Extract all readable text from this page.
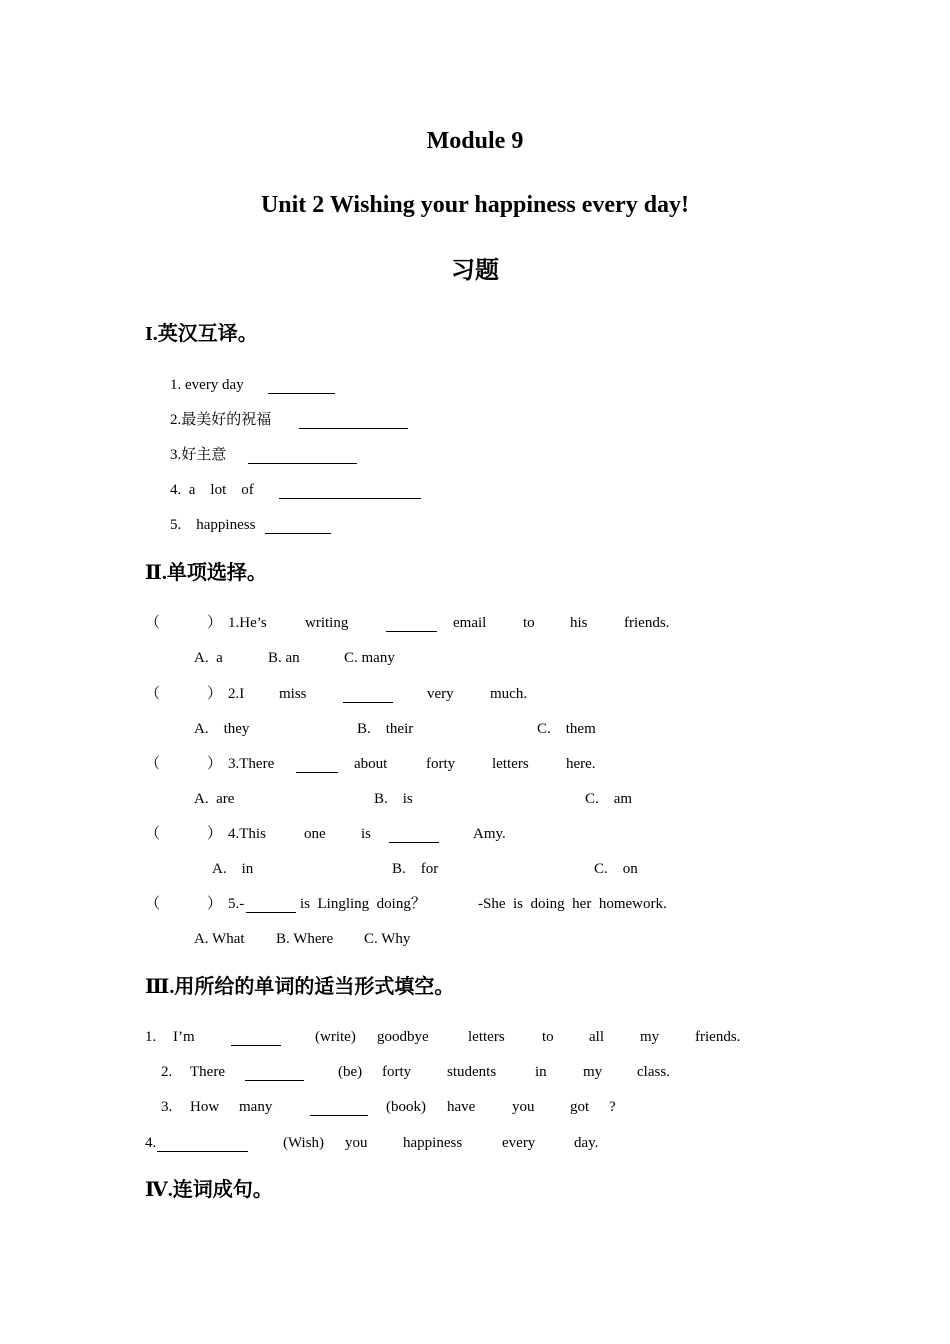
Module 9
Unit 2 Wishing your happiness every day!
习题
I.英汉互译。
1. every day
2.最美好的祝福
3.好主意
4.  a    lot    of
5.    happiness
Ⅱ.单项选择。
（	） 1.He’s	writing	email to his friends.
A.  a	B. an	C. many
（	） 2.I miss	very much.
A.    they	B.    their	C.    them
（	） 3.There	about	forty letters here.
A.  are	B.    is	C.    am
（	） 4.This	one is	Amy.
A.    in	B.    for	C.    on
（	） 5.-	is  Lingling  doing？	-She  is  doing  her  homework.
A. What B. Where C. Why
Ⅲ.用所给的单词的适当形式填空。
1. I’m	(write) goodbye	letters to all my friends.
2. There	(be) forty students	in my class.
3. How many	(book) have you got ?
4.	(Wish) you happiness	every	day.
Ⅳ.连词成句。
